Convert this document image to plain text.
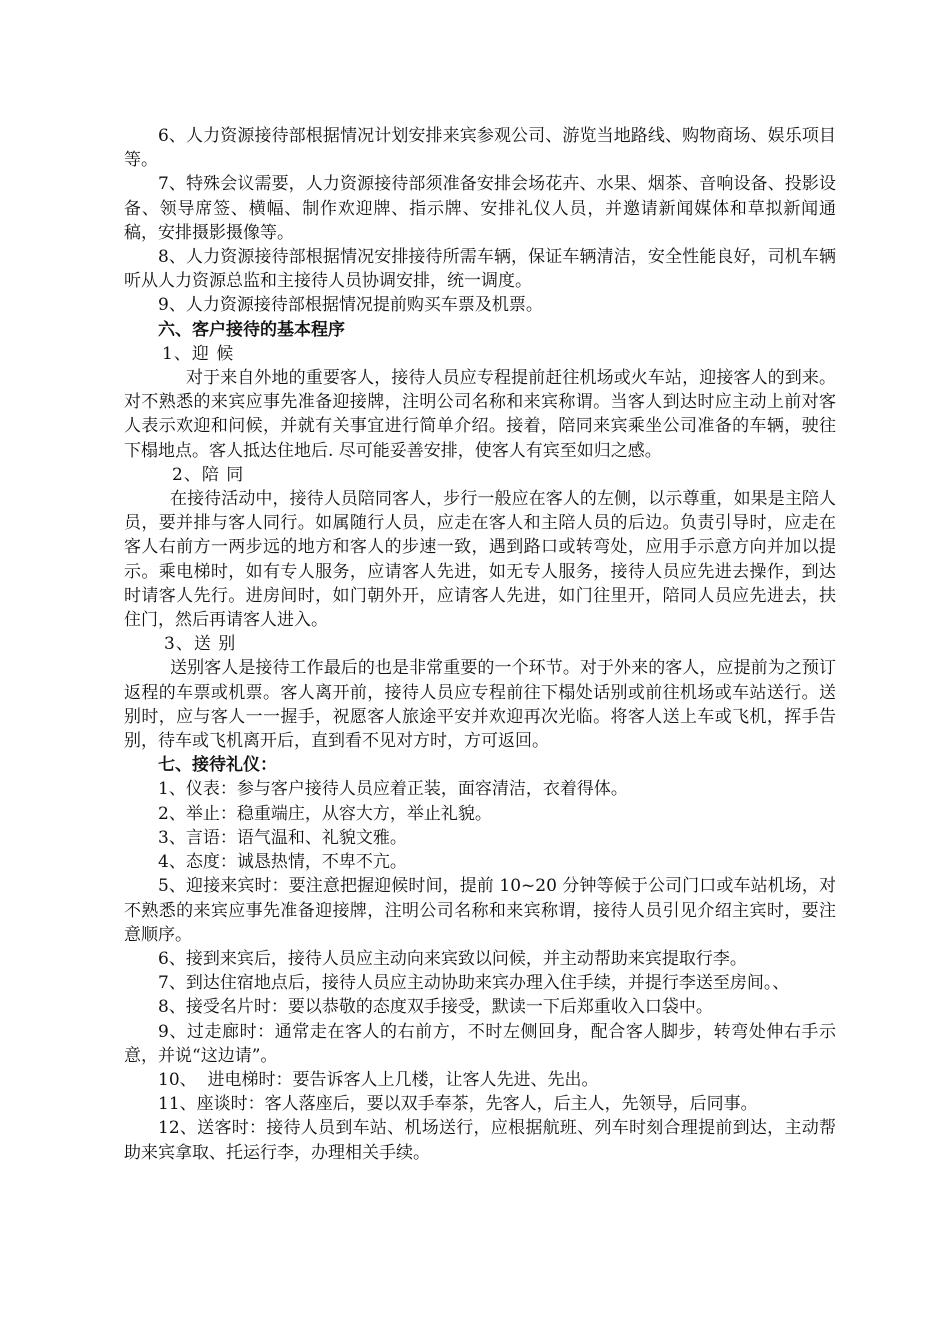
6、人力资源接待部根据情况计划安排来宾参观公司、游览当地路线、购物商场、娱乐项目等。

7、特殊会议需要，人力资源接待部须准备安排会场花卉、水果、烟茶、音响设备、投影设备、领导席签、横幅、制作欢迎牌、指示牌、安排礼仪人员，并邀请新闻媒体和草拟新闻通稿，安排摄影摄像等。

8、人力资源接待部根据情况安排接待所需车辆，保证车辆清洁，安全性能良好，司机车辆听从人力资源总监和主接待人员协调安排，统一调度。

9、人力资源接待部根据情况提前购买车票及机票。

六、客户接待的基本程序

1、迎 候

对于来自外地的重要客人，接待人员应专程提前赶往机场或火车站，迎接客人的到来。对不熟悉的来宾应事先准备迎接牌，注明公司名称和来宾称谓。当客人到达时应主动上前对客人表示欢迎和问候，并就有关事宜进行简单介绍。接着，陪同来宾乘坐公司准备的车辆，驶往下榻地点。客人抵达住地后. 尽可能妥善安排，使客人有宾至如归之感。

2、陪 同

在接待活动中，接待人员陪同客人，步行一般应在客人的左侧，以示尊重，如果是主陪人员，要并排与客人同行。如属随行人员，应走在客人和主陪人员的后边。负责引导时，应走在客人右前方一两步远的地方和客人的步速一致，遇到路口或转弯处，应用手示意方向并加以提示。乘电梯时，如有专人服务，应请客人先进，如无专人服务，接待人员应先进去操作，到达时请客人先行。进房间时，如门朝外开，应请客人先进，如门往里开，陪同人员应先进去，扶住门，然后再请客人进入。

3、送 别

送别客人是接待工作最后的也是非常重要的一个环节。对于外来的客人，应提前为之预订返程的车票或机票。客人离开前，接待人员应专程前往下榻处话别或前往机场或车站送行。送别时，应与客人一一握手，祝愿客人旅途平安并欢迎再次光临。将客人送上车或飞机，挥手告别，待车或飞机离开后，直到看不见对方时，方可返回。

七、接待礼仪：

1、仪表：参与客户接待人员应着正装，面容清洁，衣着得体。

2、举止：稳重端庄，从容大方，举止礼貌。

3、言语：语气温和、礼貌文雅。

4、态度：诚恳热情，不卑不亢。

5、迎接来宾时：要注意把握迎候时间，提前 10~20 分钟等候于公司门口或车站机场，对不熟悉的来宾应事先准备迎接牌，注明公司名称和来宾称谓，接待人员引见介绍主宾时，要注意顺序。

6、接到来宾后，接待人员应主动向来宾致以问候，并主动帮助来宾提取行李。

7、到达住宿地点后，接待人员应主动协助来宾办理入住手续，并提行李送至房间。、

8、接受名片时：要以恭敬的态度双手接受，默读一下后郑重收入口袋中。

9、过走廊时：通常走在客人的右前方，不时左侧回身，配合客人脚步，转弯处伸右手示意，并说“这边请”。

10、  进电梯时：要告诉客人上几楼，让客人先进、先出。

11、座谈时：客人落座后，要以双手奉茶，先客人，后主人，先领导，后同事。

12、送客时：接待人员到车站、机场送行，应根据航班、列车时刻合理提前到达，主动帮助来宾拿取、托运行李，办理相关手续。
